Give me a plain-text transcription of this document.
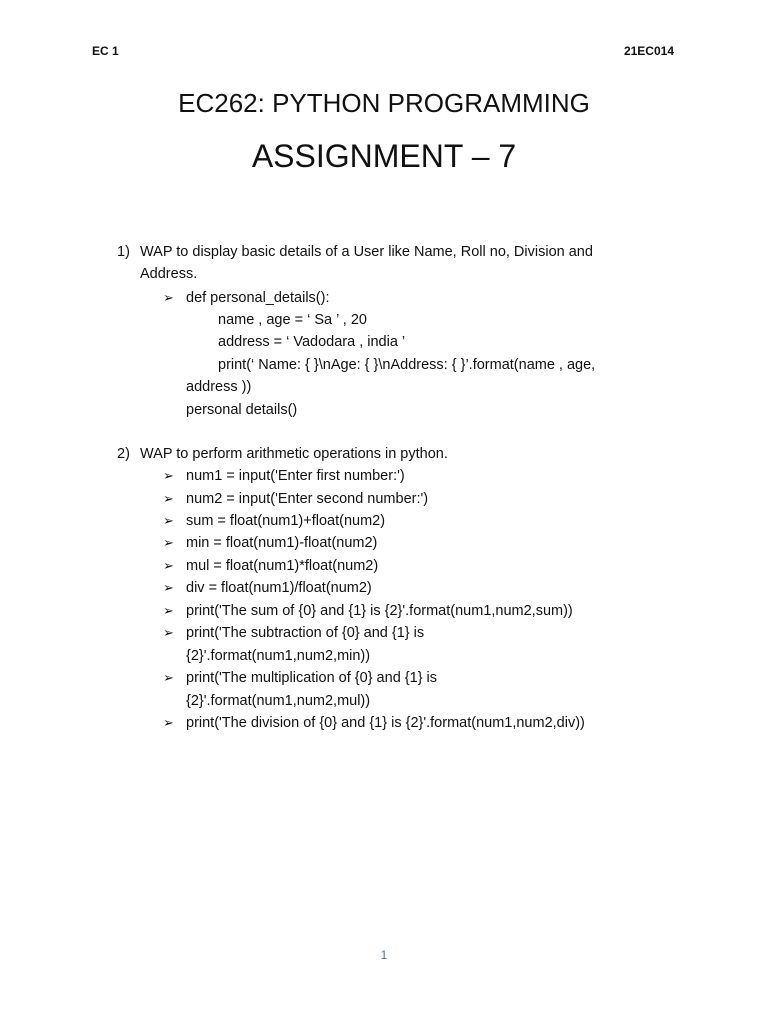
EC 1	21EC014
EC262: PYTHON PROGRAMMING
ASSIGNMENT – 7
1) WAP to display basic details of a User like Name, Roll no, Division and
Address.
➢ def personal_details():
name , age = ‘ Sa ’ , 20
address = ‘ Vadodara , india ’
print(‘ Name: { }\nAge: { }\nAddress: { }’.format(name , age,
address ))
personal details()
2) WAP to perform arithmetic operations in python.
➢ num1 = input('Enter first number:')
➢ num2 = input('Enter second number:')
➢ sum = float(num1)+float(num2)
➢ min = float(num1)-float(num2)
➢ mul = float(num1)*float(num2)
➢ div = float(num1)/float(num2)
➢ print('The sum of {0} and {1} is {2}'.format(num1,num2,sum))
➢ print('The subtraction of {0} and {1} is
{2}'.format(num1,num2,min))
➢ print('The multiplication of {0} and {1} is
{2}'.format(num1,num2,mul))
➢ print('The division of {0} and {1} is {2}'.format(num1,num2,div))
1
